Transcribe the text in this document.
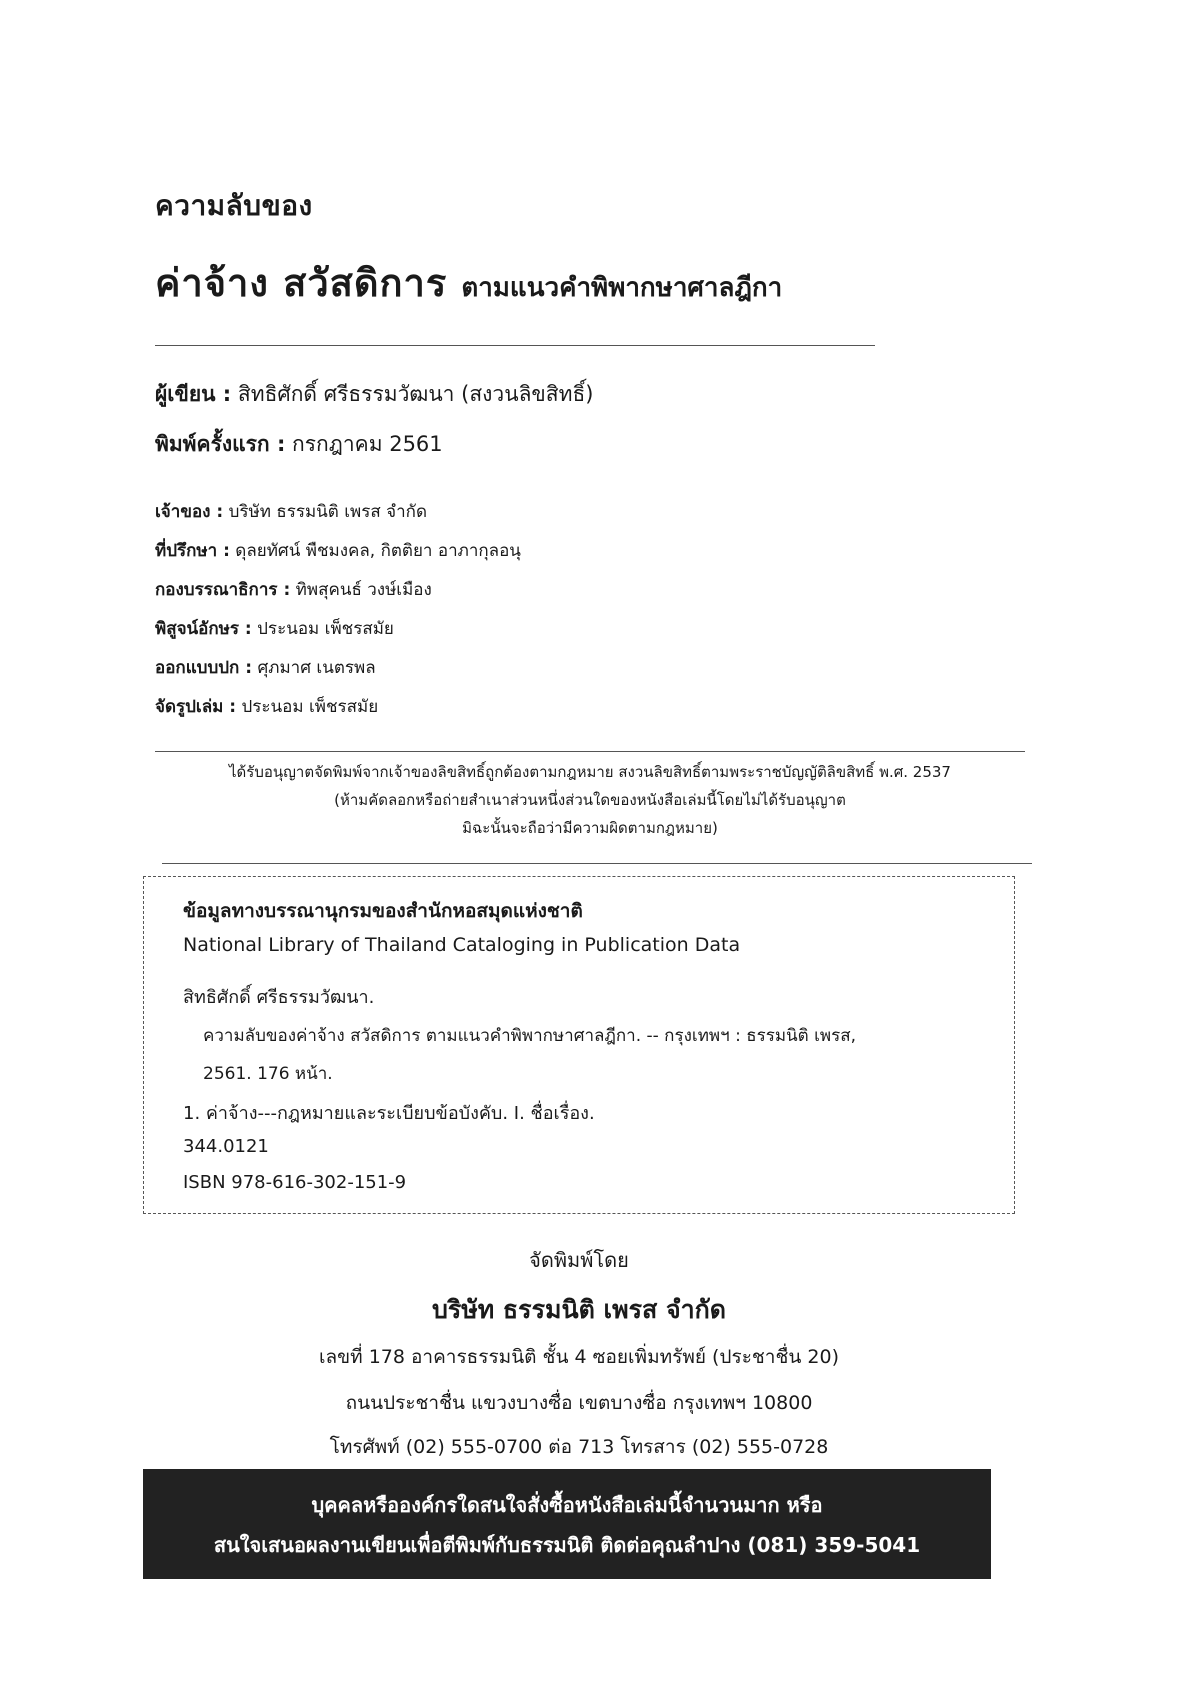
ความลับของ
ค่าจ้าง สวัสดิการ ตามแนวคำพิพากษาศาลฎีกา
ผู้เขียน : สิทธิศักดิ์ ศรีธรรมวัฒนา (สงวนลิขสิทธิ์)
พิมพ์ครั้งแรก : กรกฎาคม 2561
เจ้าของ : บริษัท ธรรมนิติ เพรส จำกัด
ที่ปรึกษา : ดุลยทัศน์ พืชมงคล, กิตติยา อาภากุลอนุ
กองบรรณาธิการ : ทิพสุคนธ์ วงษ์เมือง
พิสูจน์อักษร : ประนอม เพ็ชรสมัย
ออกแบบปก : ศุภมาศ เนตรพล
จัดรูปเล่ม : ประนอม เพ็ชรสมัย
ได้รับอนุญาตจัดพิมพ์จากเจ้าของลิขสิทธิ์ถูกต้องตามกฎหมาย สงวนลิขสิทธิ์ตามพระราชบัญญัติลิขสิทธิ์ พ.ศ. 2537
(ห้ามคัดลอกหรือถ่ายสำเนาส่วนหนึ่งส่วนใดของหนังสือเล่มนี้โดยไม่ได้รับอนุญาต
มิฉะนั้นจะถือว่ามีความผิดตามกฎหมาย)
ข้อมูลทางบรรณานุกรมของสำนักหอสมุดแห่งชาติ
National Library of Thailand Cataloging in Publication Data
สิทธิศักดิ์ ศรีธรรมวัฒนา.
ความลับของค่าจ้าง สวัสดิการ ตามแนวคำพิพากษาศาลฎีกา. -- กรุงเทพฯ : ธรรมนิติ เพรส,
2561. 176 หน้า.
1. ค่าจ้าง---กฎหมายและระเบียบข้อบังคับ. I. ชื่อเรื่อง.
344.0121
ISBN 978-616-302-151-9
จัดพิมพ์โดย
บริษัท ธรรมนิติ เพรส จำกัด
เลขที่ 178 อาคารธรรมนิติ ชั้น 4 ซอยเพิ่มทรัพย์ (ประชาชื่น 20)
ถนนประชาชื่น แขวงบางซื่อ เขตบางซื่อ กรุงเทพฯ 10800
โทรศัพท์ (02) 555-0700 ต่อ 713 โทรสาร (02) 555-0728
บุคคลหรือองค์กรใดสนใจสั่งซื้อหนังสือเล่มนี้จำนวนมาก หรือ
สนใจเสนอผลงานเขียนเพื่อตีพิมพ์กับธรรมนิติ ติดต่อคุณลำปาง (081) 359-5041
